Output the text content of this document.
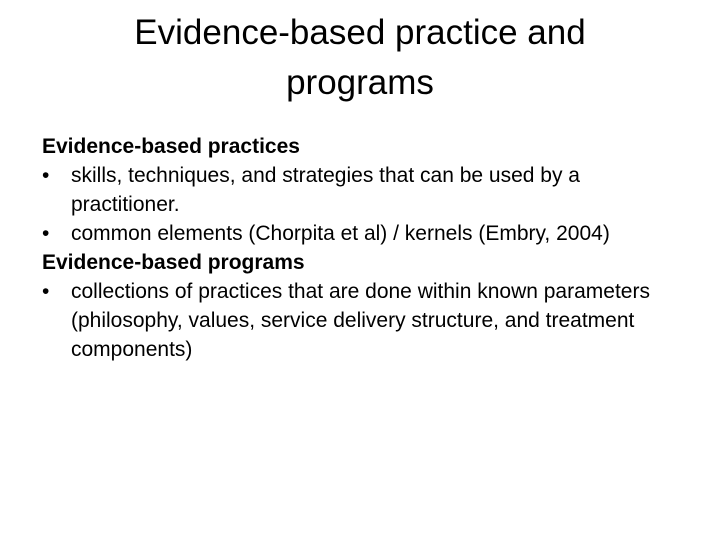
Evidence-based practice and programs

Evidence-based practices

• skills, techniques, and strategies that can be used by a practitioner.

• common elements (Chorpita et al) / kernels (Embry, 2004)

Evidence-based programs

• collections of practices that are done within known parameters (philosophy, values, service delivery structure, and treatment components)
